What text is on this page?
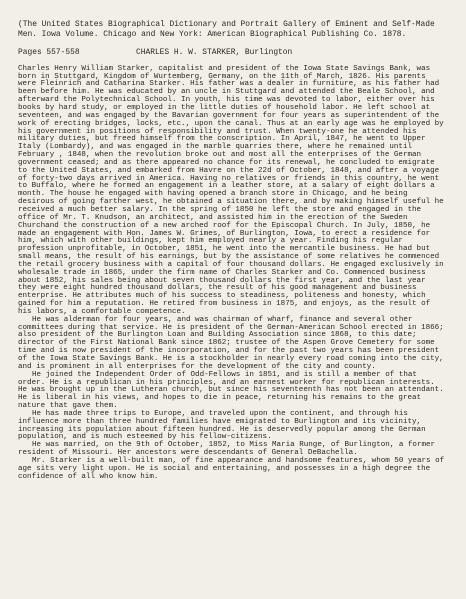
(The United States Biographical Dictionary and Portrait Gallery of Eminent and Self-Made Men. Iowa Volume. Chicago and New York: American Biographical Publishing Co. 1878.

Pages 557-558	CHARLES H. W. STARKER, Burlington

Charles Henry William Starker, capitalist and president of the Iowa State Savings Bank, was born in Stuttgard, Kingdom of Wurtemberg, Germany, on the 11th of March, 1826. His parents were Fleinrich and Catharina Starker. His father was a dealer in furniture, as his father had been before him. He was educated by an uncle in Stuttgard and attended the Beale School, and afterward the Polytechnical School. In youth, his time was devoted to labor, either over his books by hard study, or employed in the little duties of household labor. He left school at seventeen, and was engaged by the Bavarian government for four years as superintendent of the work of erecting bridges, locks, etc., upon the canal. Thus at an early age was he employed by his government in positions of responsibility and trust. When twenty-one he attended his military duties, but freed himself from the conscription. In April, 1847, he went to Upper Italy (Lombardy), and was engaged in the marble quarries there, where he remained until February , 1848, when the revolution broke out and most all the enterprises of the German government ceased; and as there appeared no chance for its renewal, he concluded to emigrate to the United States, and embarked from Havre on the 22d of October, 1848, and after a voyage of forty-two days arrived in America. Having no relatives or friends in this country, he went to Buffalo, where he formed an engagement in a leather store, at a salary of eight dollars a month. The house he engaged with having opened a branch store in Chicago, and he being desirous of going farther west, he obtained a situation there, and by making himself useful he received a much better salary. In the spring of 1850 he left the store and engaged in the office of Mr. T. Knudson, an architect, and assisted him in the erection of the Sweden Churchand the construction of a new arched roof for the Episcopal Church. In July, 1850, he made an engagement with Hon. James W. Grimes, of Burlington, Iowa, to erect a residence for him, which with other buildings, kept him employed nearly a year. Finding his regular profession unprofitable, in October, 1851, he went into the mercantile business. He had but small means, the result of his earnings, but by the assistance of some relatives he commenced the retail grocery business with a capital of four thousand dollars. He engaged exclusively in wholesale trade in 1865, under the firm name of Charles Starker and Co. Commenced business about 1852, his sales being about seven thousand dollars the first year, and the last year they were eight hundred thousand dollars, the result of his good management and business enterprise. He attributes much of his success to steadiness, politeness and honesty, which gained for him a reputation. He retired from business in 1875, and enjoys, as the result of his labors, a comfortable competence.

He was alderman for four years, and was chairman of wharf, finance and several other committees during that service. He is president of the German-American School erected in 1866; also president of the Burlington Loan and Building Association since 1868, to this date; director of the First National Bank since 1862; trustee of the Aspen Grove Cemetery for some time and is now president of the incorporation, and for the past two years has been president of the Iowa State Savings Bank. He is a stockholder in nearly every road coming into the city, and is prominent in all enterprises for the development of the city and county.

He joined the Independent Order of Odd-Fellows in 1851, and is still a member of that order. He is a republican in his principles, and an earnest worker for republican interests. He was brought up in the Lutheran church, but since his seventeenth has not been an attendant. He is liberal in his views, and hopes to die in peace, returning his remains to the great nature that gave them.

He has made three trips to Europe, and traveled upon the continent, and through his influence more than three hundred families have emigrated to Burlington and its vicinity, increasing its population about fifteen hundred. He is deservedly popular among the German population, and is much esteemed by his fellow-citizens.

He was married, on the 9th of October, 1852, to Miss Maria Runge, of Burlington, a former resident of Missouri. Her ancestors were descendants of General DeBachella.

Mr. Starker is a well-built man, of fine appearance and handsome features, whom 50 years of age sits very light upon. He is social and entertaining, and possesses in a high degree the confidence of all who know him.
